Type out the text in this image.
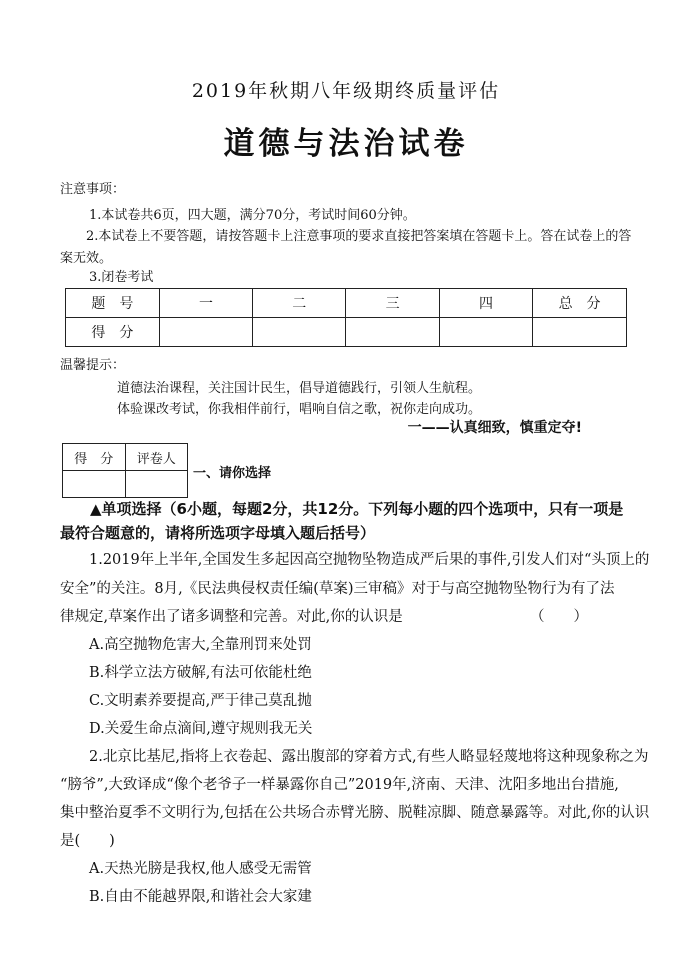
2019年秋期八年级期终质量评估
道德与法治试卷
注意事项：
1.本试卷共6页，四大题，满分70分，考试时间60分钟。
2.本试卷上不要答题，请按答题卡上注意事项的要求直接把答案填在答题卡上。答在试卷上的答案无效。
3.闭卷考试
题　号	一	二	三	四	总　分
得　分					
温馨提示：
道德法治课程，关注国计民生，倡导道德践行，引领人生航程。
体验课改考试，你我相伴前行，唱响自信之歌，祝你走向成功。
一——认真细致，慎重定夺!
得　分	评卷人

一、请你选择
▲单项选择（6小题，每题2分，共12分。下列每小题的四个选项中，只有一项是最符合题意的，请将所选项字母填入题后括号）
1.2019年上半年,全国发生多起因高空抛物坠物造成严后果的事件,引发人们对“头顶上的
安全”的关注。8月,《民法典侵权责任编(草案)三审稿》对于与高空抛物坠物行为有了法
律规定,草案作出了诸多调整和完善。对此,你的认识是	（　　）
A.高空抛物危害大,全靠刑罚来处罚
B.科学立法方破解,有法可依能杜绝
C.文明素养要提高,严于律己莫乱抛
D.关爱生命点滴间,遵守规则我无关
2.北京比基尼,指将上衣卷起、露出腹部的穿着方式,有些人略显轻蔑地将这种现象称之为
“膀爷”,大致译成“像个老爷子一样暴露你自己”2019年,济南、天津、沈阳多地出台措施,
集中整治夏季不文明行为,包括在公共场合赤臂光膀、脱鞋凉脚、随意暴露等。对此,你的认识
是(　　)
A.天热光膀是我权,他人感受无需管
B.自由不能越界限,和谐社会大家建
